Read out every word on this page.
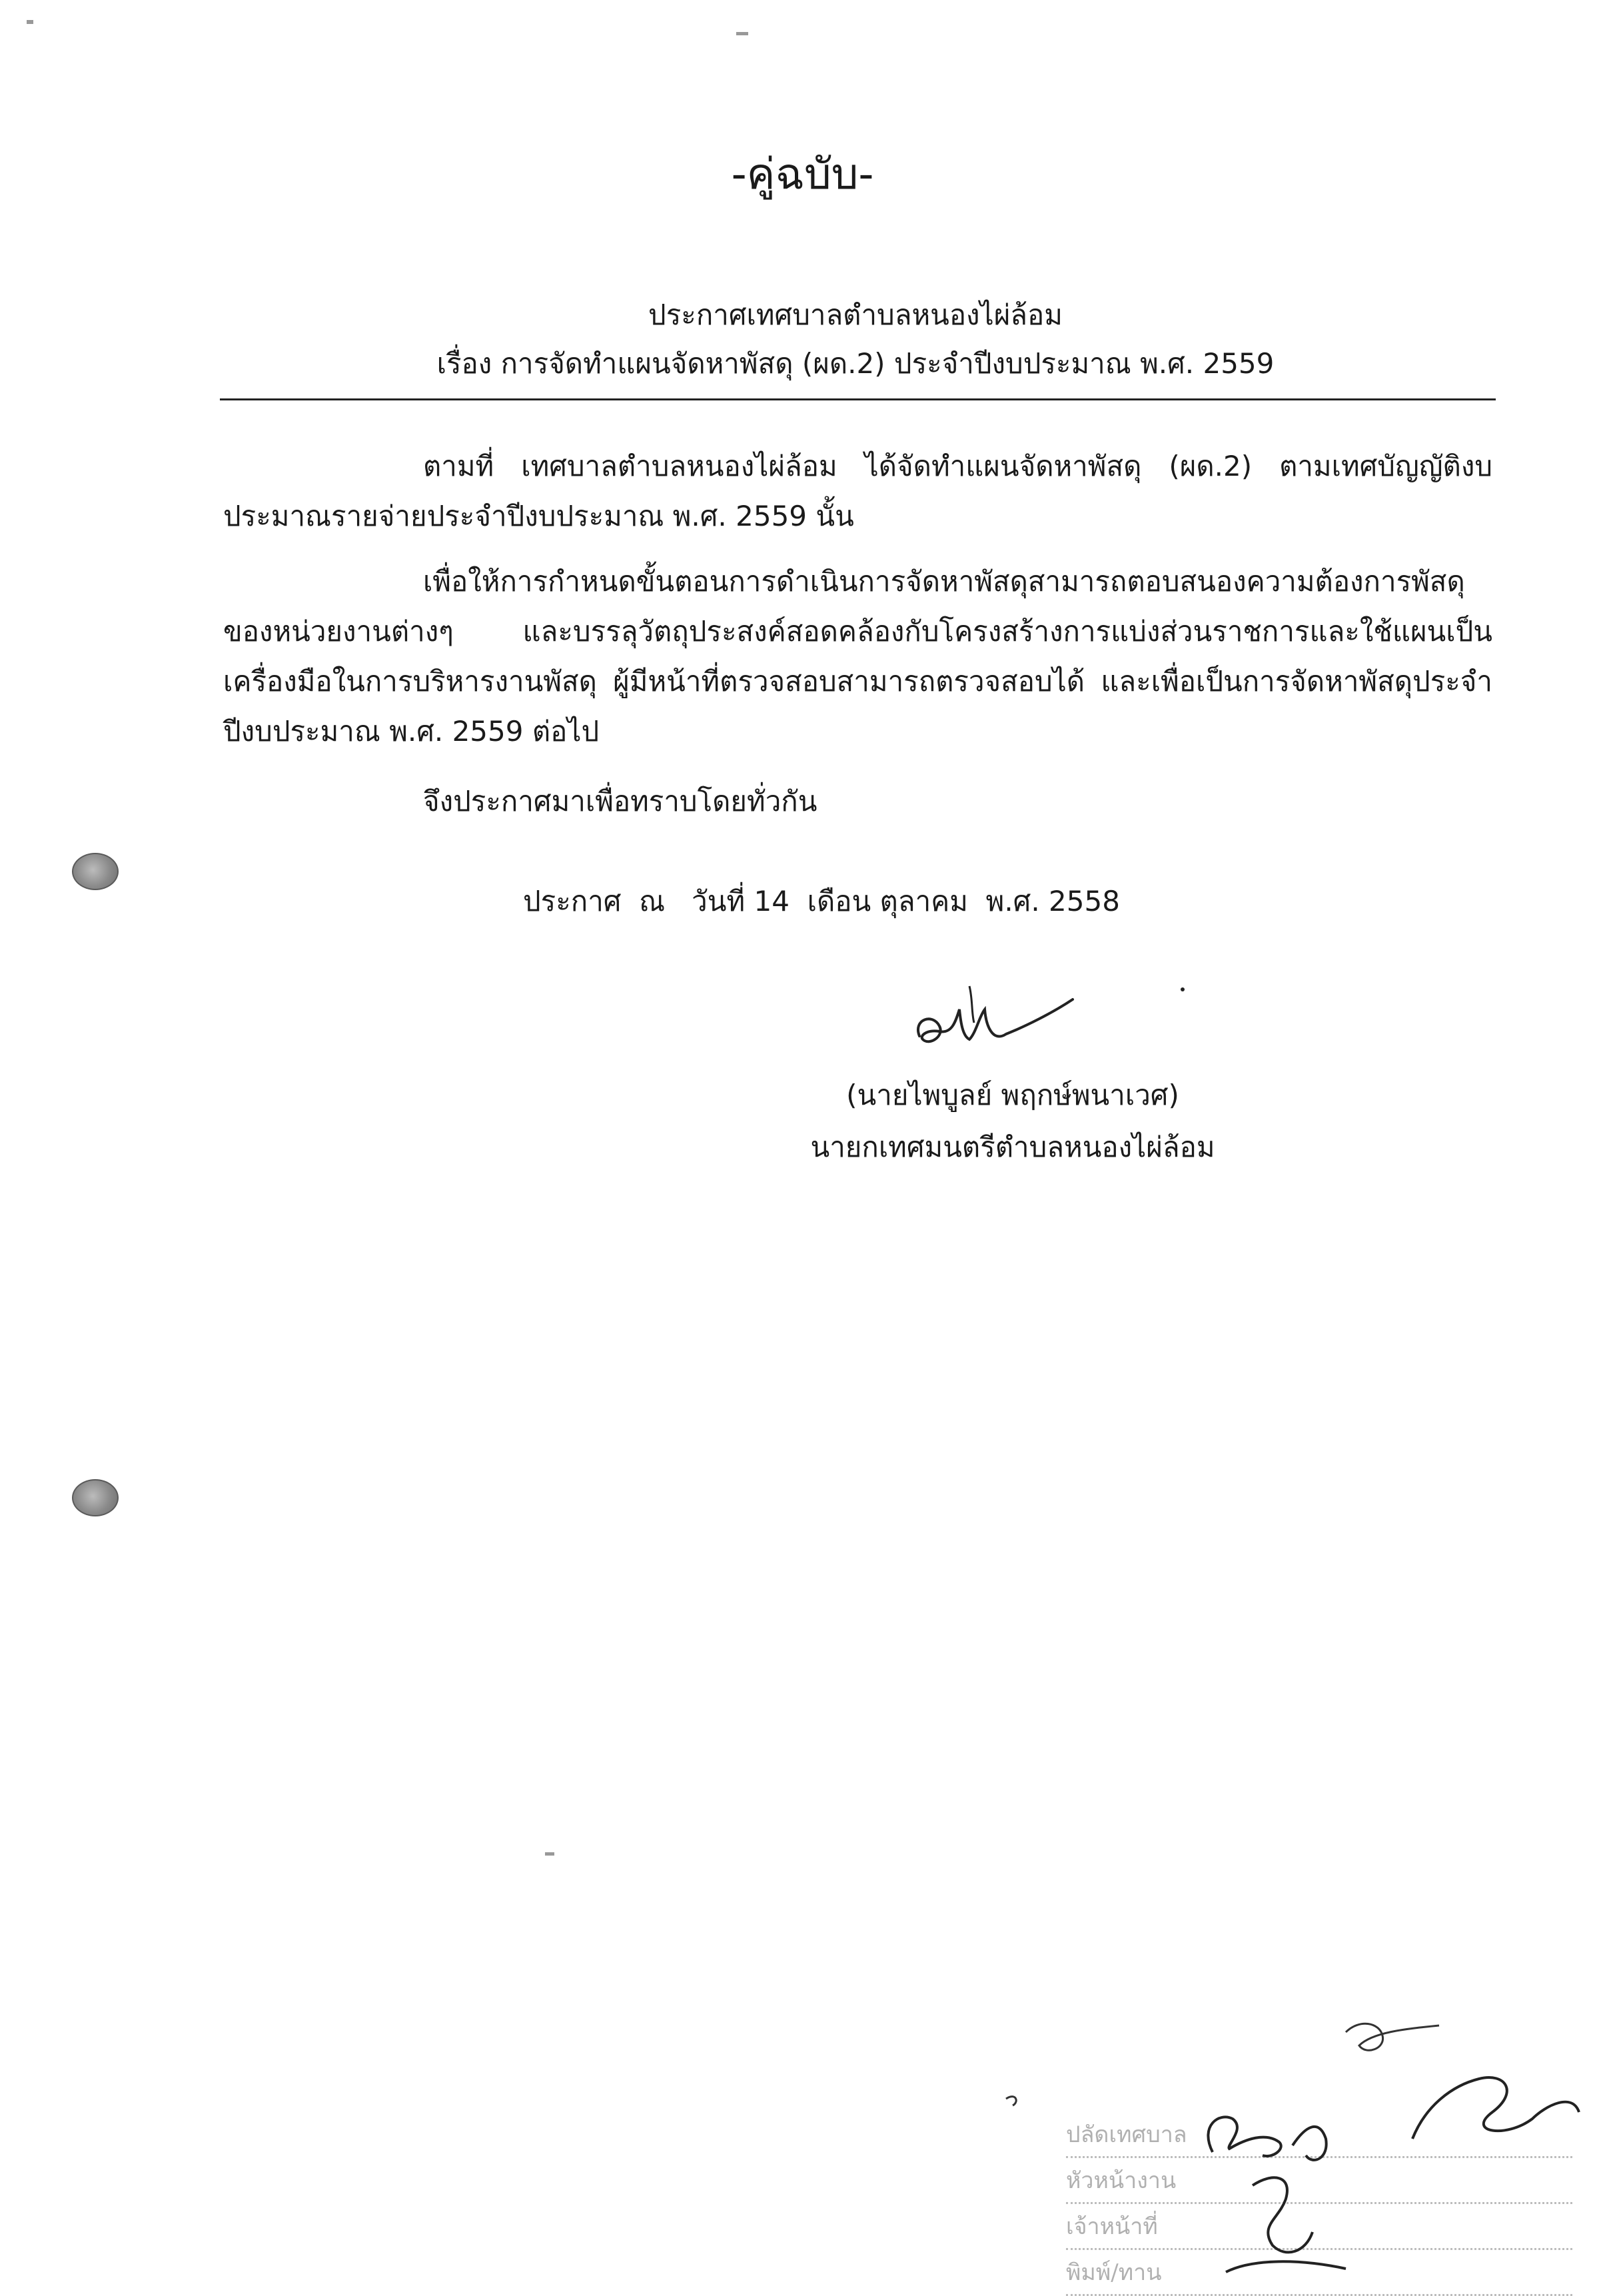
-คู่ฉบับ-
ประกาศเทศบาลตำบลหนองไผ่ล้อม
เรื่อง การจัดทำแผนจัดหาพัสดุ (ผด.2) ประจำปีงบประมาณ พ.ศ. 2559

ตามที่ เทศบาลตำบลหนองไผ่ล้อม ได้จัดทำแผนจัดหาพัสดุ (ผด.2) ตามเทศบัญญัติงบประมาณรายจ่ายประจำปีงบประมาณ พ.ศ. 2559 นั้น

เพื่อให้การกำหนดขั้นตอนการดำเนินการจัดหาพัสดุสามารถตอบสนองความต้องการพัสดุของหน่วยงานต่างๆ และบรรลุวัตถุประสงค์สอดคล้องกับโครงสร้างการแบ่งส่วนราชการและใช้แผนเป็นเครื่องมือในการบริหารงานพัสดุ ผู้มีหน้าที่ตรวจสอบสามารถตรวจสอบได้ และเพื่อเป็นการจัดหาพัสดุประจำปีงบประมาณ พ.ศ. 2559 ต่อไป

จึงประกาศมาเพื่อทราบโดยทั่วกัน
ประกาศ  ณ   วันที่ 14  เดือน ตุลาคม  พ.ศ. 2558
(นายไพบูลย์ พฤกษ์พนาเวศ)
นายกเทศมนตรีตำบลหนองไผ่ล้อม
ปลัดเทศบาล
หัวหน้างาน
เจ้าหน้าที่
พิมพ์/ทาน
